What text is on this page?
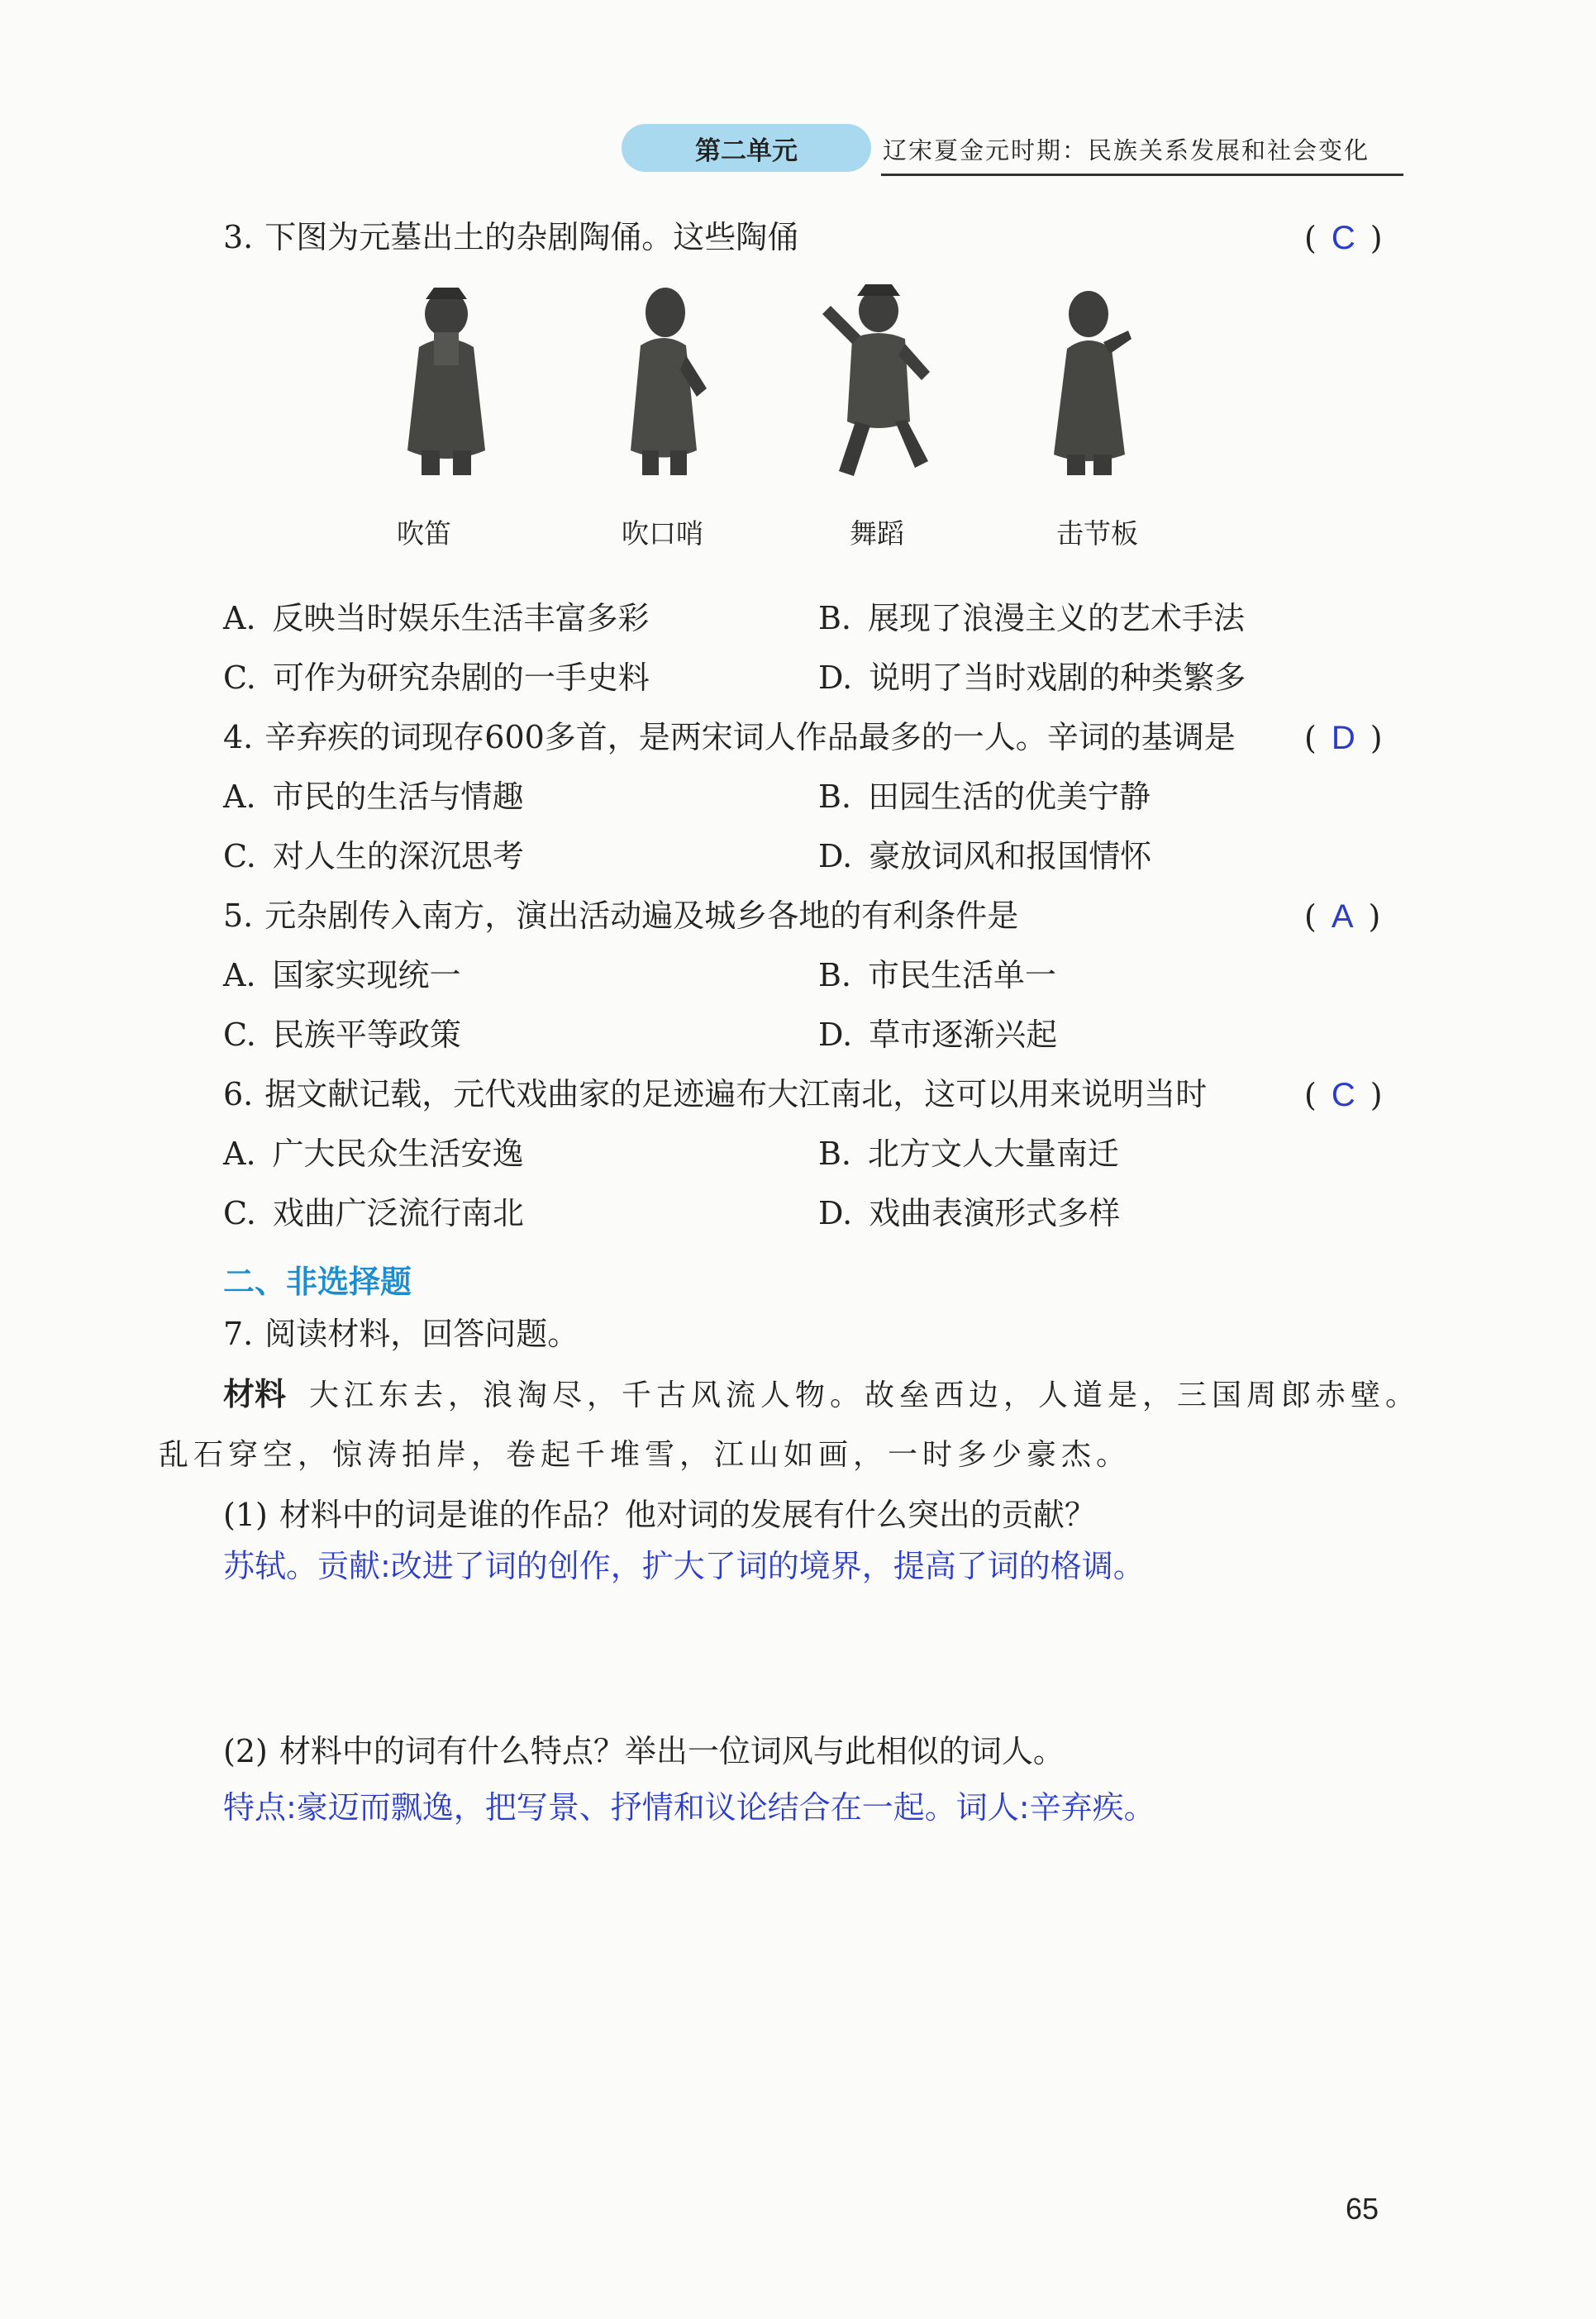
第二单元	辽宋夏金元时期：民族关系发展和社会变化
3. 下图为元墓出土的杂剧陶俑。这些陶俑	( C )
吹笛	吹口哨	舞蹈	击节板
A. 反映当时娱乐生活丰富多彩	B. 展现了浪漫主义的艺术手法
C. 可作为研究杂剧的一手史料	D. 说明了当时戏剧的种类繁多
4. 辛弃疾的词现存600多首，是两宋词人作品最多的一人。辛词的基调是 ( D )
A. 市民的生活与情趣	B. 田园生活的优美宁静
C. 对人生的深沉思考	D. 豪放词风和报国情怀
5. 元杂剧传入南方，演出活动遍及城乡各地的有利条件是	( A )
A. 国家实现统一	B. 市民生活单一
C. 民族平等政策	D. 草市逐渐兴起
6. 据文献记载，元代戏曲家的足迹遍布大江南北，这可以用来说明当时	( C )
A. 广大民众生活安逸	B. 北方文人大量南迁
C. 戏曲广泛流行南北	D. 戏曲表演形式多样
二、非选择题
7. 阅读材料，回答问题。
材料 大江东去，浪淘尽，千古风流人物。故垒西边，人道是，三国周郎赤壁。
乱石穿空，惊涛拍岸，卷起千堆雪，江山如画，一时多少豪杰。
(1) 材料中的词是谁的作品？他对词的发展有什么突出的贡献？
苏轼。贡献:改进了词的创作，扩大了词的境界，提高了词的格调。
(2) 材料中的词有什么特点？举出一位词风与此相似的词人。
特点:豪迈而飘逸，把写景、抒情和议论结合在一起。词人:辛弃疾。
65
